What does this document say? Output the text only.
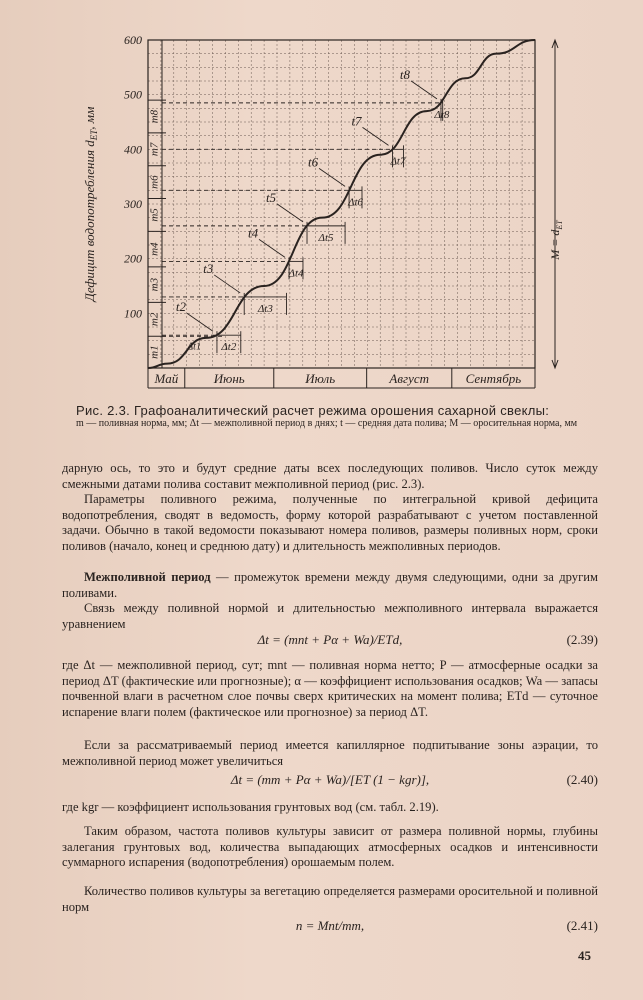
Май	Июнь	Июль	Август	Сентябрь
m1
m2
m3
m4
m5
m6
m7
m8
100
200
300
400
500
600
Дефицит водопотребления $d_{ET}$, мм
Δt1
t2
Δt2
t3
Δt3
t4
Δt4
t5
Δt5
t6
Δt6
t7
Δt7
t8
Δt8
$M = d_{ET}$
Рис. 2.3. Графоаналитический расчет режима орошения сахарной свеклы:
m — поливная норма, мм; Δt — межполивной период в днях; t — средняя дата полива; M — оросительная норма, мм

дарную ось, то это и будут средние даты всех последующих поливов. Число суток между смежными датами полива составит межполивной период (рис. 2.3).

Параметры поливного режима, полученные по интегральной кривой дефицита водопотребления, сводят в ведомость, форму которой разрабатывают с учетом поставленной задачи. Обычно в такой ведомости показывают номера поливов, размеры поливных норм, сроки поливов (начало, конец и среднюю дату) и длительность межполивных периодов.

Межполивной период — промежуток времени между двумя следующими, одни за другим поливами.

Связь между поливной нормой и длительностью межполивного интервала выражается уравнением

Δt = (mnt + Pα + Wa)/ETd,	(2.39)

где Δt — межполивной период, сут; mnt — поливная норма нетто; P — атмосферные осадки за период ΔT (фактические или прогнозные); α — коэффициент использования осадков; Wa — запасы почвенной влаги в расчетном слое почвы сверх критических на момент полива; ETd — суточное испарение влаги полем (фактическое или прогнозное) за период ΔT.

Если за рассматриваемый период имеется капиллярное подпитывание зоны аэрации, то межполивной период может увеличиться

Δt = (mm + Pα + Wa)/[ET (1 − kgr)],	(2.40)

где kgr — коэффициент использования грунтовых вод (см. табл. 2.19).

Таким образом, частота поливов культуры зависит от размера поливной нормы, глубины залегания грунтовых вод, количества выпадающих атмосферных осадков и интенсивности суммарного испарения (водопотребления) орошаемым полем.

Количество поливов культуры за вегетацию определяется размерами оросительной и поливной норм

n = Mnt/mm,	(2.41)
45
